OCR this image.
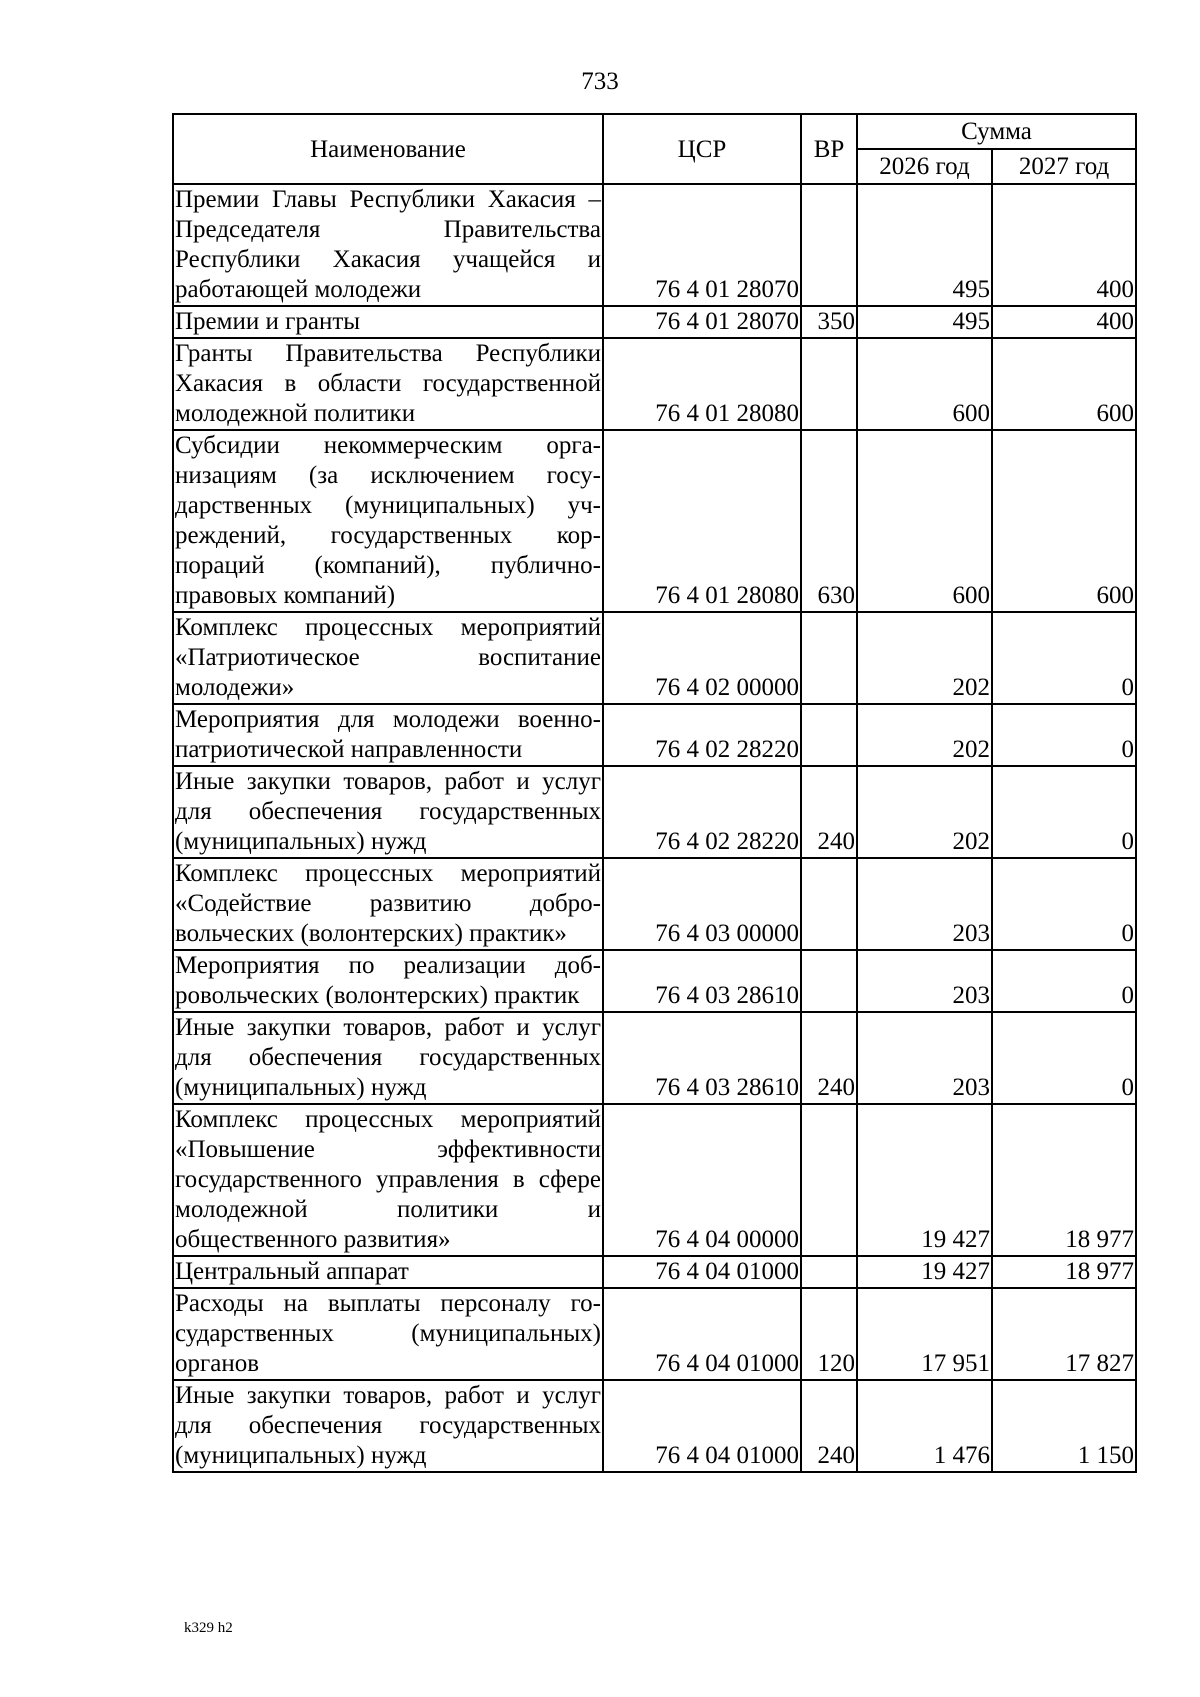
733
Наименование	ЦСР	ВР	Сумма	
			2026 год	2027 год
Премии Главы Республики Хакасия – Председателя Правительства Республики Хакасия учащейся и работающей молодежи	76 4 01 28070		495	400
Премии и гранты	76 4 01 28070	350	495	400
Гранты Правительства Республики Хакасия в области государственной молодежной политики	76 4 01 28080		600	600
Субсидии некоммерческим организациям (за исключением государственных (муниципальных) учреждений, государственных корпораций (компаний), публично-правовых компаний)	76 4 01 28080	630	600	600
Комплекс процессных мероприятий «Патриотическое воспитание молодежи»	76 4 02 00000		202	0
Мероприятия для молодежи военно-патриотической направленности	76 4 02 28220		202	0
Иные закупки товаров, работ и услуг для обеспечения государственных (муниципальных) нужд	76 4 02 28220	240	202	0
Комплекс процессных мероприятий «Содействие развитию добровольческих (волонтерских) практик»	76 4 03 00000		203	0
Мероприятия по реализации добровольческих (волонтерских) практик	76 4 03 28610		203	0
Иные закупки товаров, работ и услуг для обеспечения государственных (муниципальных) нужд	76 4 03 28610	240	203	0
Комплекс процессных мероприятий «Повышение эффективности государственного управления в сфере молодежной политики и общественного развития»	76 4 04 00000		19 427	18 977
Центральный аппарат	76 4 04 01000		19 427	18 977
Расходы на выплаты персоналу государственных (муниципальных) органов	76 4 04 01000	120	17 951	17 827
Иные закупки товаров, работ и услуг для обеспечения государственных (муниципальных) нужд	76 4 04 01000	240	1 476	1 150
k329 h2
